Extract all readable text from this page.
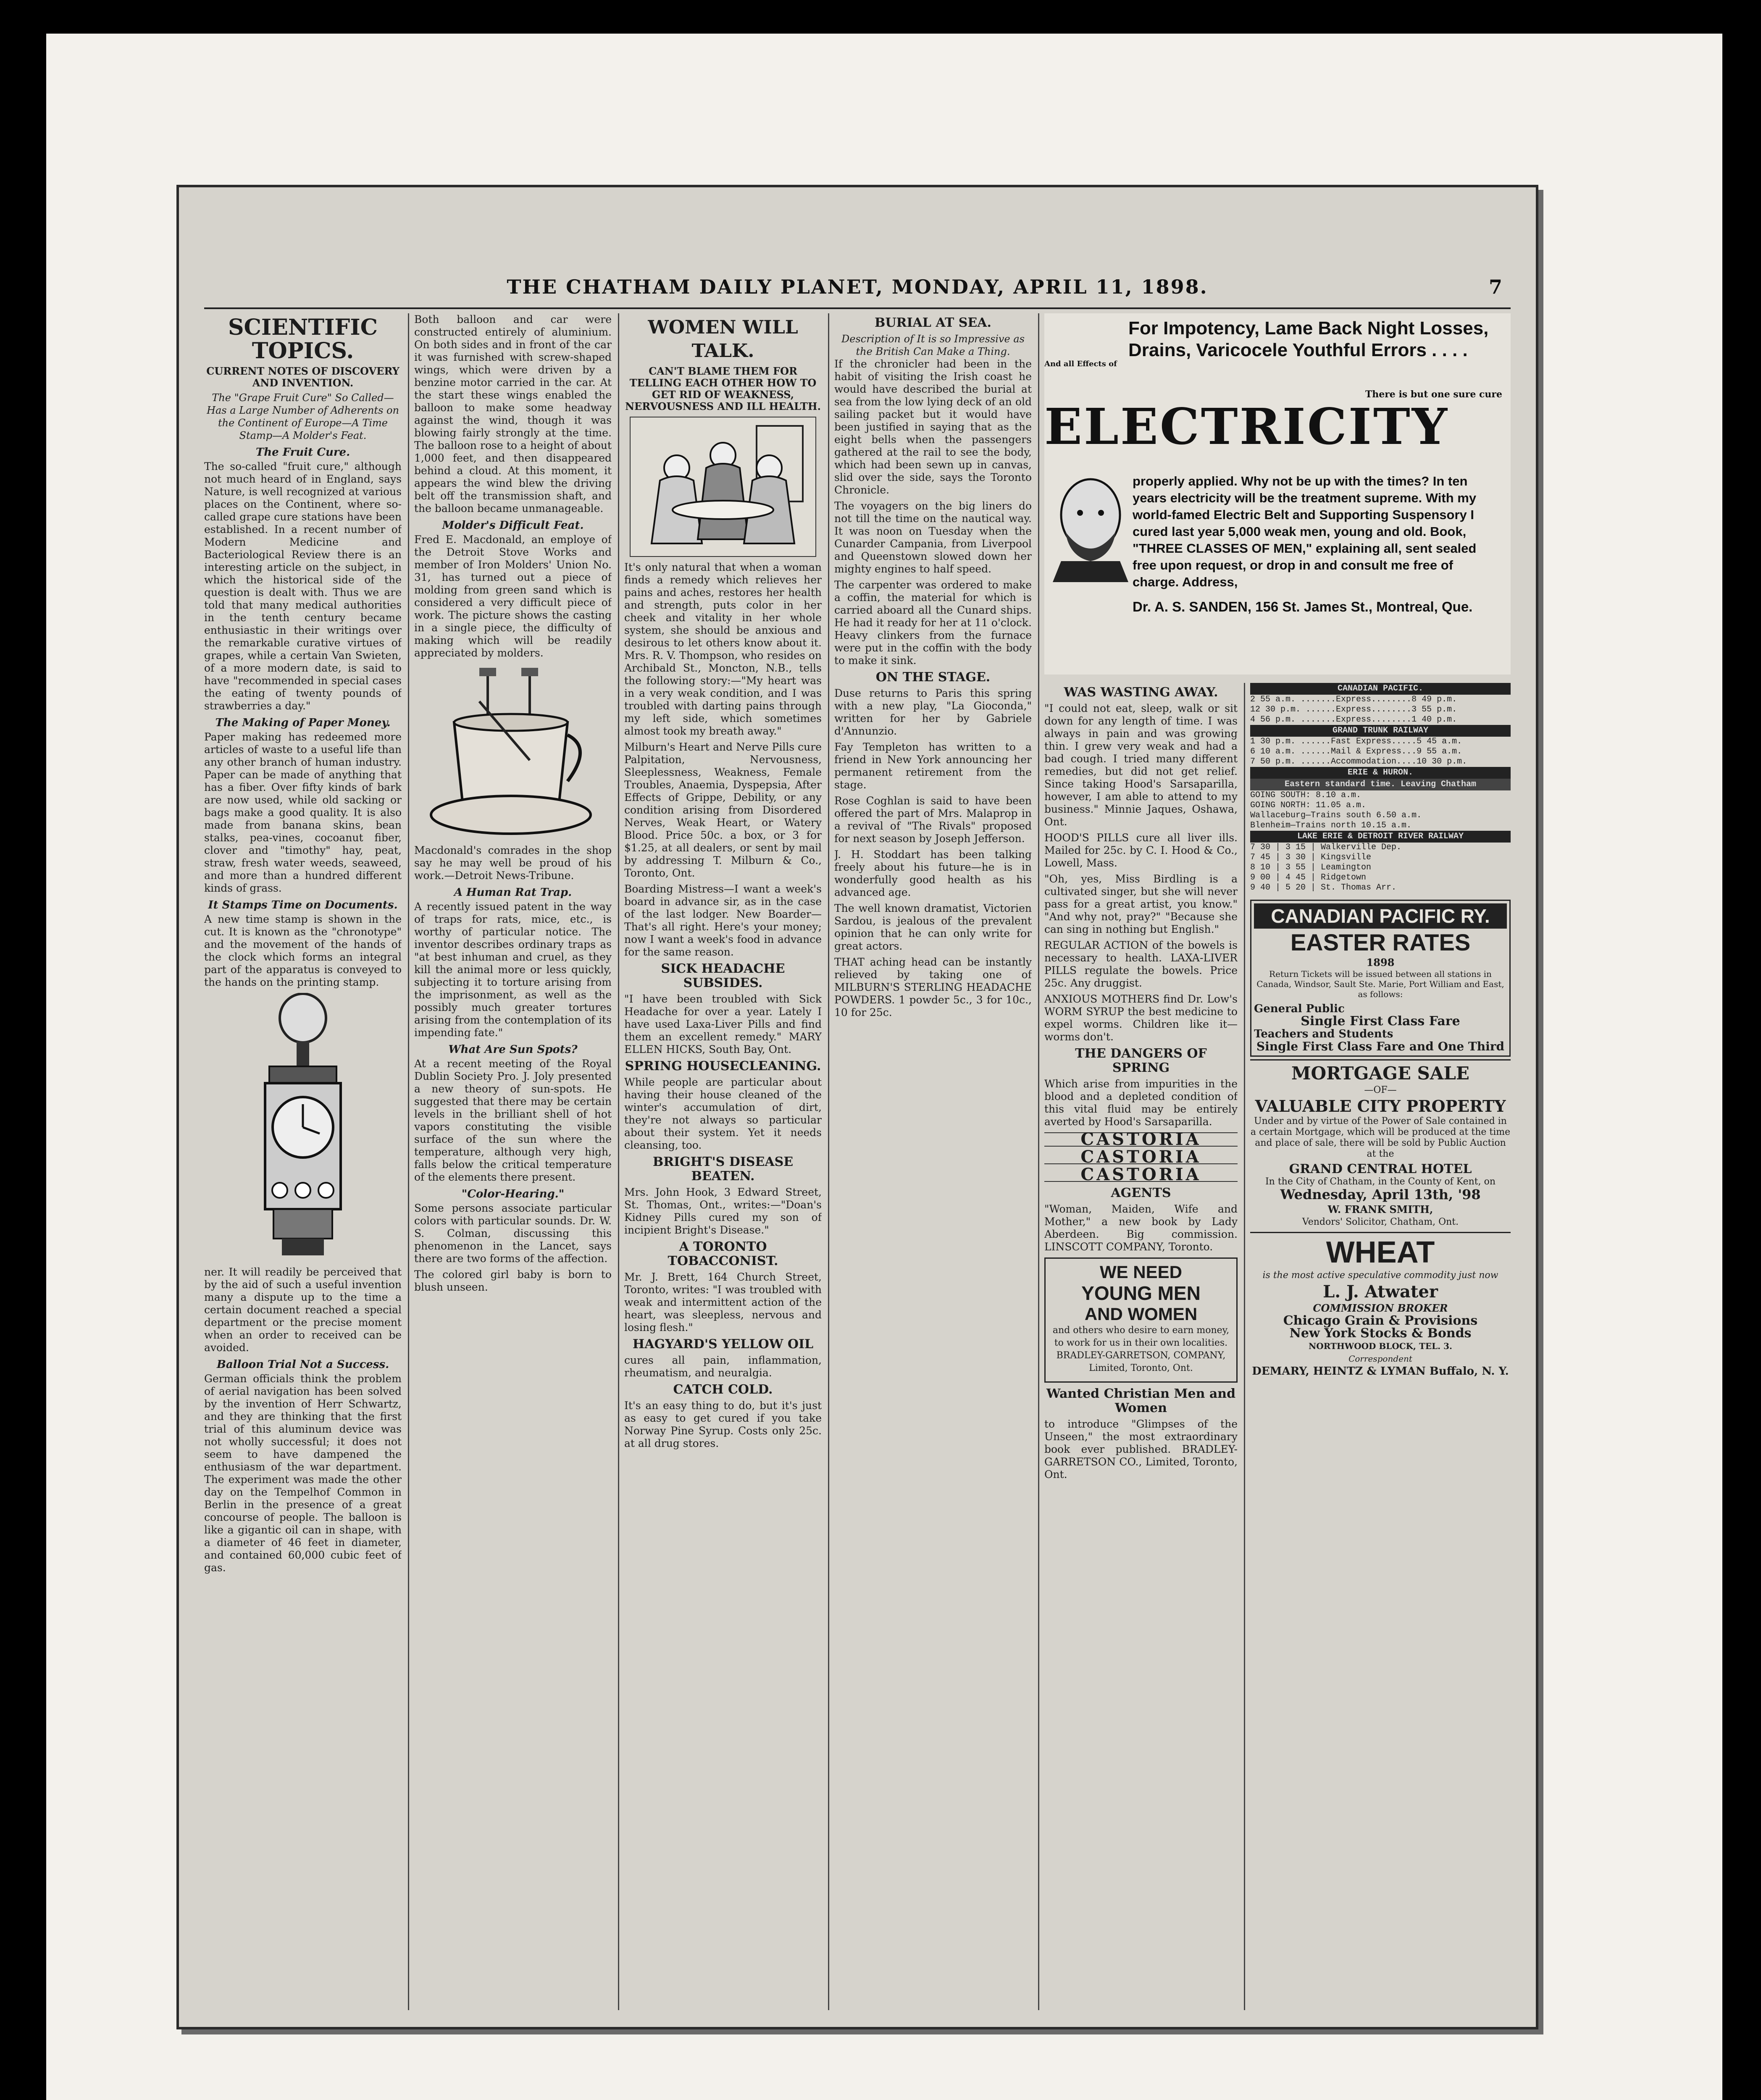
THE CHATHAM DAILY PLANET, MONDAY, APRIL 11, 1898.	7
SCIENTIFIC TOPICS.
CURRENT NOTES OF DISCOVERY AND INVENTION.
The "Grape Fruit Cure" So Called—Has a Large Number of Adherents on the Continent of Europe—A Time Stamp—A Molder's Feat.
The Fruit Cure.

The so-called "fruit cure," although not much heard of in England, says Nature, is well recognized at various places on the Continent, where so-called grape cure stations have been established. In a recent number of Modern Medicine and Bacteriological Review there is an interesting article on the subject, in which the historical side of the question is dealt with. Thus we are told that many medical authorities in the tenth century became enthusiastic in their writings over the remarkable curative virtues of grapes, while a certain Van Swieten, of a more modern date, is said to have "recommended in special cases the eating of twenty pounds of strawberries a day."

The Making of Paper Money.

Paper making has redeemed more articles of waste to a useful life than any other branch of human industry. Paper can be made of anything that has a fiber. Over fifty kinds of bark are now used, while old sacking or bags make a good quality. It is also made from banana skins, bean stalks, pea-vines, cocoanut fiber, clover and "timothy" hay, peat, straw, fresh water weeds, seaweed, and more than a hundred different kinds of grass.

It Stamps Time on Documents.

A new time stamp is shown in the cut. It is known as the "chronotype" and the movement of the hands of the clock which forms an integral part of the apparatus is conveyed to the hands on the printing stamp.

ner. It will readily be perceived that by the aid of such a useful invention many a dispute up to the time a certain document reached a special department or the precise moment when an order to received can be avoided.

Balloon Trial Not a Success.

German officials think the problem of aerial navigation has been solved by the invention of Herr Schwartz, and they are thinking that the first trial of this aluminum device was not wholly successful; it does not seem to have dampened the enthusiasm of the war department. The experiment was made the other day on the Tempelhof Common in Berlin in the presence of a great concourse of people. The balloon is like a gigantic oil can in shape, with a diameter of 46 feet in diameter, and contained 60,000 cubic feet of gas.

Both balloon and car were constructed entirely of aluminium. On both sides and in front of the car it was furnished with screw-shaped wings, which were driven by a benzine motor carried in the car. At the start these wings enabled the balloon to make some headway against the wind, though it was blowing fairly strongly at the time. The balloon rose to a height of about 1,000 feet, and then disappeared behind a cloud. At this moment, it appears the wind blew the driving belt off the transmission shaft, and the balloon became unmanageable.

Molder's Difficult Feat.

Fred E. Macdonald, an employe of the Detroit Stove Works and member of Iron Molders' Union No. 31, has turned out a piece of molding from green sand which is considered a very difficult piece of work. The picture shows the casting in a single piece, the difficulty of making which will be readily appreciated by molders.

Macdonald's comrades in the shop say he may well be proud of his work.—Detroit News-Tribune.

A Human Rat Trap.

A recently issued patent in the way of traps for rats, mice, etc., is worthy of particular notice. The inventor describes ordinary traps as "at best inhuman and cruel, as they kill the animal more or less quickly, subjecting it to torture arising from the imprisonment, as well as the possibly much greater tortures arising from the contemplation of its impending fate."

What Are Sun Spots?

At a recent meeting of the Royal Dublin Society Pro. J. Joly presented a new theory of sun-spots. He suggested that there may be certain levels in the brilliant shell of hot vapors constituting the visible surface of the sun where the temperature, although very high, falls below the critical temperature of the elements there present.

"Color-Hearing."

Some persons associate particular colors with particular sounds. Dr. W. S. Colman, discussing this phenomenon in the Lancet, says there are two forms of the affection.

The colored girl baby is born to blush unseen.

WOMEN WILL TALK.
CAN'T BLAME THEM FOR TELLING EACH OTHER HOW TO GET RID OF WEAKNESS, NERVOUSNESS AND ILL HEALTH.

It's only natural that when a woman finds a remedy which relieves her pains and aches, restores her health and strength, puts color in her cheek and vitality in her whole system, she should be anxious and desirous to let others know about it. Mrs. R. V. Thompson, who resides on Archibald St., Moncton, N.B., tells the following story:—"My heart was in a very weak condition, and I was troubled with darting pains through my left side, which sometimes almost took my breath away."

Milburn's Heart and Nerve Pills cure Palpitation, Nervousness, Sleeplessness, Weakness, Female Troubles, Anaemia, Dyspepsia, After Effects of Grippe, Debility, or any condition arising from Disordered Nerves, Weak Heart, or Watery Blood. Price 50c. a box, or 3 for $1.25, at all dealers, or sent by mail by addressing T. Milburn & Co., Toronto, Ont.

Boarding Mistress—I want a week's board in advance sir, as in the case of the last lodger. New Boarder—That's all right. Here's your money; now I want a week's food in advance for the same reason.

SICK HEADACHE SUBSIDES.

"I have been troubled with Sick Headache for over a year. Lately I have used Laxa-Liver Pills and find them an excellent remedy." MARY ELLEN HICKS, South Bay, Ont.

SPRING HOUSECLEANING.

While people are particular about having their house cleaned of the winter's accumulation of dirt, they're not always so particular about their system. Yet it needs cleansing, too.

BRIGHT'S DISEASE BEATEN.

Mrs. John Hook, 3 Edward Street, St. Thomas, Ont., writes:—"Doan's Kidney Pills cured my son of incipient Bright's Disease."

A TORONTO TOBACCONIST.

Mr. J. Brett, 164 Church Street, Toronto, writes: "I was troubled with weak and intermittent action of the heart, was sleepless, nervous and losing flesh."

HAGYARD'S YELLOW OIL

cures all pain, inflammation, rheumatism, and neuralgia.

CATCH COLD.

It's an easy thing to do, but it's just as easy to get cured if you take Norway Pine Syrup. Costs only 25c. at all drug stores.

BURIAL AT SEA.
Description of It is so Impressive as the British Can Make a Thing.

If the chronicler had been in the habit of visiting the Irish coast he would have described the burial at sea from the low lying deck of an old sailing packet but it would have been justified in saying that as the eight bells when the passengers gathered at the rail to see the body, which had been sewn up in canvas, slid over the side, says the Toronto Chronicle.

The voyagers on the big liners do not till the time on the nautical way. It was noon on Tuesday when the Cunarder Campania, from Liverpool and Queenstown slowed down her mighty engines to half speed.

The carpenter was ordered to make a coffin, the material for which is carried aboard all the Cunard ships. He had it ready for her at 11 o'clock. Heavy clinkers from the furnace were put in the coffin with the body to make it sink.

ON THE STAGE.

Duse returns to Paris this spring with a new play, "La Gioconda," written for her by Gabriele d'Annunzio.

Fay Templeton has written to a friend in New York announcing her permanent retirement from the stage.

Rose Coghlan is said to have been offered the part of Mrs. Malaprop in a revival of "The Rivals" proposed for next season by Joseph Jefferson.

J. H. Stoddart has been talking freely about his future—he is in wonderfully good health as his advanced age.

The well known dramatist, Victorien Sardou, is jealous of the prevalent opinion that he can only write for great actors.

THAT aching head can be instantly relieved by taking one of MILBURN'S STERLING HEADACHE POWDERS. 1 powder 5c., 3 for 10c., 10 for 25c.

For Impotency, Lame Back Night Losses, Drains, Varicocele Youthful Errors . . . .
And all Effects of
There is but one sure cure
ELECTRICITY
properly applied. Why not be up with the times? In ten years electricity will be the treatment supreme. With my world-famed Electric Belt and Supporting Suspensory I cured last year 5,000 weak men, young and old. Book, "THREE CLASSES OF MEN," explaining all, sent sealed free upon request, or drop in and consult me free of charge. Address,
Dr. A. S. SANDEN, 156 St. James St., Montreal, Que.
WAS WASTING AWAY.

"I could not eat, sleep, walk or sit down for any length of time. I was always in pain and was growing thin. I grew very weak and had a bad cough. I tried many different remedies, but did not get relief. Since taking Hood's Sarsaparilla, however, I am able to attend to my business." Minnie Jaques, Oshawa, Ont.

HOOD'S PILLS cure all liver ills. Mailed for 25c. by C. I. Hood & Co., Lowell, Mass.

"Oh, yes, Miss Birdling is a cultivated singer, but she will never pass for a great artist, you know." "And why not, pray?" "Because she can sing in nothing but English."

REGULAR ACTION of the bowels is necessary to health. LAXA-LIVER PILLS regulate the bowels. Price 25c. Any druggist.

ANXIOUS MOTHERS find Dr. Low's WORM SYRUP the best medicine to expel worms. Children like it—worms don't.

THE DANGERS OF SPRING

Which arise from impurities in the blood and a depleted condition of this vital fluid may be entirely averted by Hood's Sarsaparilla.

CASTORIA
CASTORIA
CASTORIA
AGENTS

"Woman, Maiden, Wife and Mother," a new book by Lady Aberdeen. Big commission. LINSCOTT COMPANY, Toronto.

WE NEED
YOUNG MEN
AND WOMEN

and others who desire to earn money, to work for us in their own localities. BRADLEY-GARRETSON, COMPANY, Limited, Toronto, Ont.

Wanted Christian Men and Women

to introduce "Glimpses of the Unseen," the most extraordinary book ever published. BRADLEY-GARRETSON CO., Limited, Toronto, Ont.

CANADIAN PACIFIC.
2 55 a.m. .......Express........8 49 p.m.
12 30 p.m. ......Express........3 55 p.m.
4 56 p.m. .......Express........1 40 p.m.
GRAND TRUNK RAILWAY
1 30 p.m. ......Fast Express.....5 45 a.m.
6 10 a.m. ......Mail & Express...9 55 a.m.
7 50 p.m. ......Accommodation....10 30 p.m.
ERIE & HURON.
Eastern standard time. Leaving Chatham
GOING SOUTH: 8.10 a.m.
GOING NORTH: 11.05 a.m.
Wallaceburg—Trains south 6.50 a.m.
Blenheim—Trains north 10.15 a.m.
LAKE ERIE & DETROIT RIVER RAILWAY
7 30 | 3 15 | Walkerville Dep.
7 45 | 3 30 | Kingsville
8 10 | 3 55 | Leamington
9 00 | 4 45 | Ridgetown
9 40 | 5 20 | St. Thomas Arr.
CANADIAN PACIFIC RY.
EASTER RATES
1898

Return Tickets will be issued between all stations in Canada, Windsor, Sault Ste. Marie, Port William and East, as follows:

General Public
Single First Class Fare
Teachers and Students
Single First Class Fare and One Third
MORTGAGE SALE
—OF—
VALUABLE CITY PROPERTY

Under and by virtue of the Power of Sale contained in a certain Mortgage, which will be produced at the time and place of sale, there will be sold by Public Auction at the

GRAND CENTRAL HOTEL
In the City of Chatham, in the County of Kent, on
Wednesday, April 13th, '98
W. FRANK SMITH,
Vendors' Solicitor, Chatham, Ont.
WHEAT
is the most active speculative commodity just now
L. J. Atwater
COMMISSION BROKER
Chicago Grain & Provisions
New York Stocks & Bonds
NORTHWOOD BLOCK, TEL. 3.
Correspondent
DEMARY, HEINTZ & LYMAN Buffalo, N. Y.
